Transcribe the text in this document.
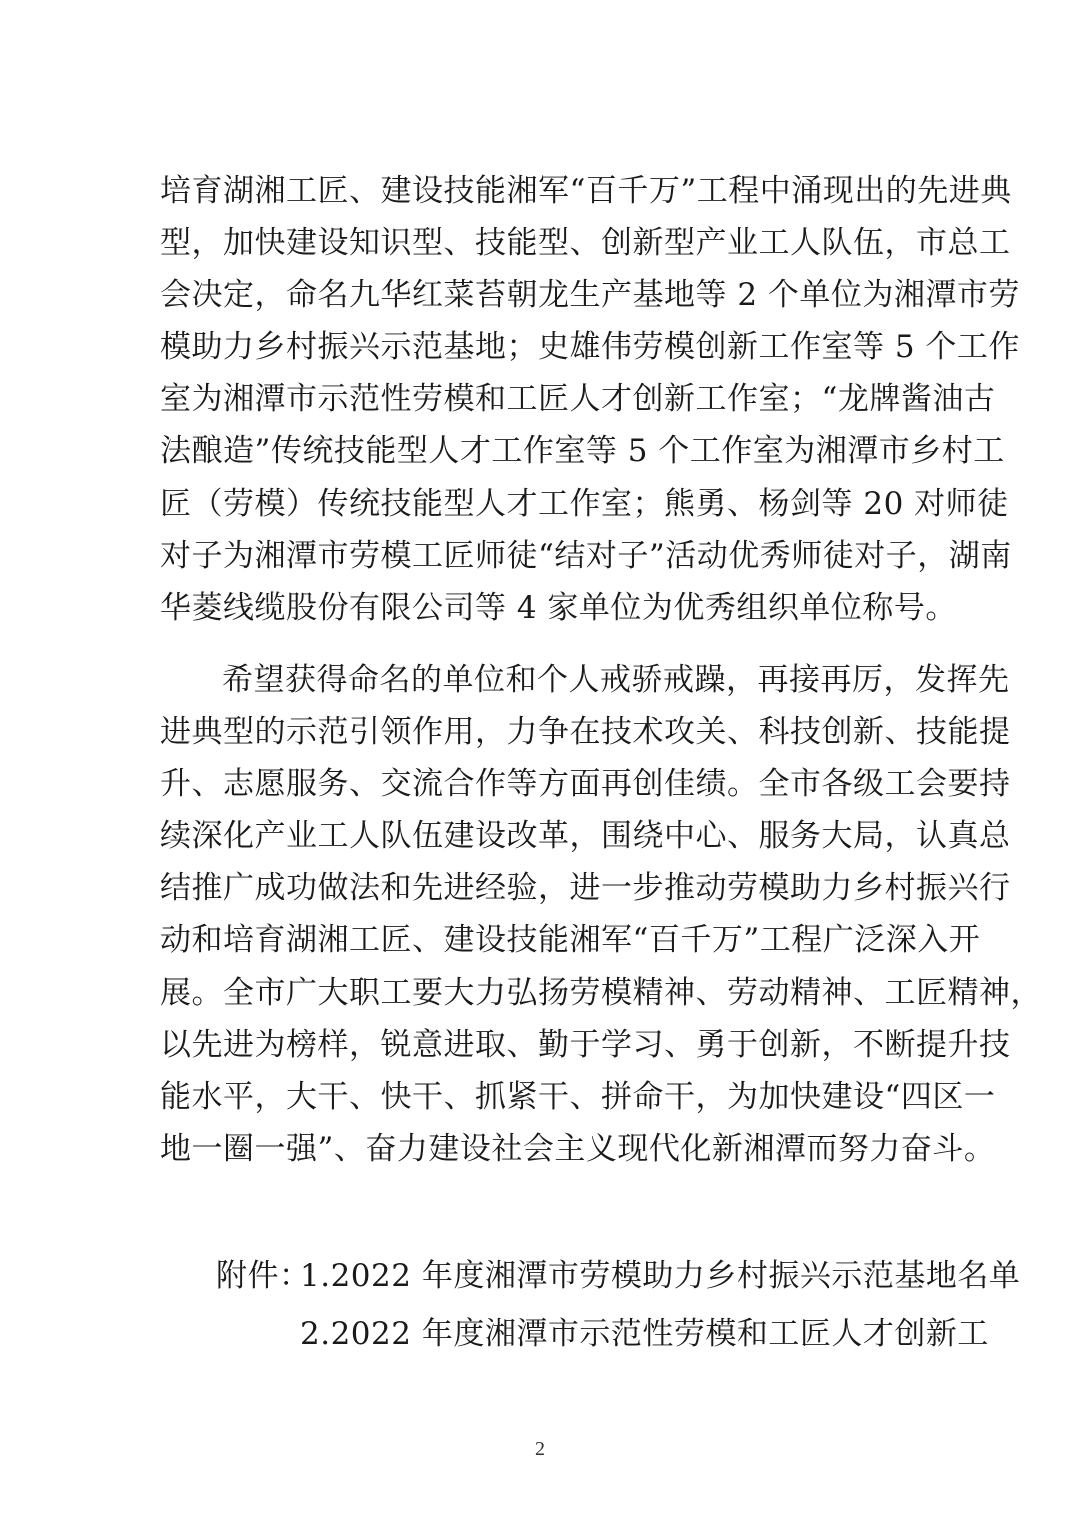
培育湖湘工匠、建设技能湘军“百千万”工程中涌现出的先进典
型，加快建设知识型、技能型、创新型产业工人队伍，市总工
会决定，命名九华红菜苔朝龙生产基地等 2 个单位为湘潭市劳
模助力乡村振兴示范基地；史雄伟劳模创新工作室等 5 个工作
室为湘潭市示范性劳模和工匠人才创新工作室；“龙牌酱油古
法酿造”传统技能型人才工作室等 5 个工作室为湘潭市乡村工
匠（劳模）传统技能型人才工作室；熊勇、杨剑等 20 对师徒
对子为湘潭市劳模工匠师徒“结对子”活动优秀师徒对子，湖南
华菱线缆股份有限公司等 4 家单位为优秀组织单位称号。
希望获得命名的单位和个人戒骄戒躁，再接再厉，发挥先
进典型的示范引领作用，力争在技术攻关、科技创新、技能提
升、志愿服务、交流合作等方面再创佳绩。全市各级工会要持
续深化产业工人队伍建设改革，围绕中心、服务大局，认真总
结推广成功做法和先进经验，进一步推动劳模助力乡村振兴行
动和培育湖湘工匠、建设技能湘军“百千万”工程广泛深入开
展。全市广大职工要大力弘扬劳模精神、劳动精神、工匠精神，
以先进为榜样，锐意进取、勤于学习、勇于创新，不断提升技
能水平，大干、快干、抓紧干、拼命干，为加快建设“四区一
地一圈一强”、奋力建设社会主义现代化新湘潭而努力奋斗。
附件：
1.2022 年度湘潭市劳模助力乡村振兴示范基地名单
2.2022 年度湘潭市示范性劳模和工匠人才创新工
2
